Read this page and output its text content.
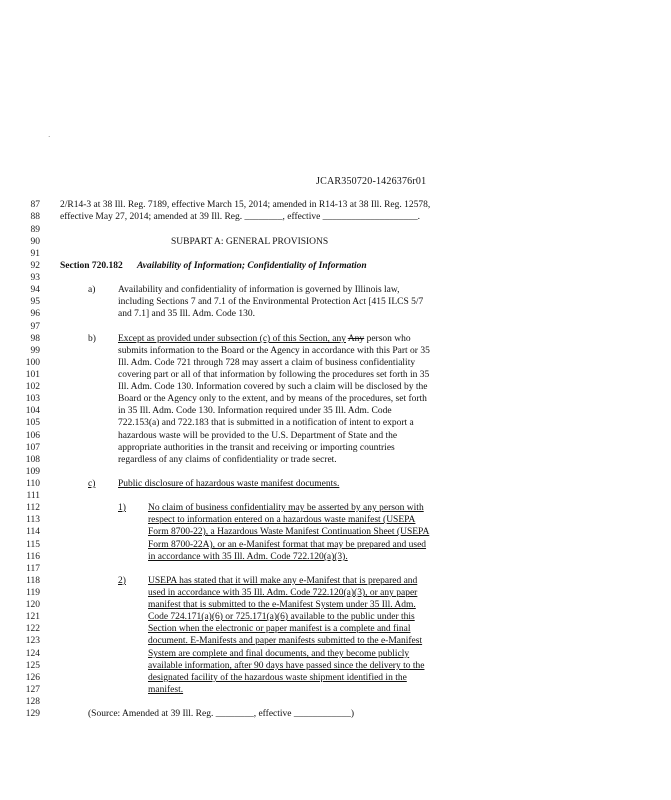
·
JCAR350720-1426376r01
87 2/R14-3 at 38 Ill. Reg. 7189, effective March 15, 2014; amended in R14-13 at 38 Ill. Reg. 12578,
88 effective May 27, 2014; amended at 39 Ill. Reg. ________, effective ____________________.
89
90	SUBPART A: GENERAL PROVISIONS
91
92 Section 720.182 Availability of Information; Confidentiality of Information
93
a)
94	Availability and confidentiality of information is governed by Illinois law,
95	including Sections 7 and 7.1 of the Environmental Protection Act [415 ILCS 5/7
96	and 7.1] and 35 Ill. Adm. Code 130.
97
b)
98	Except as provided under subsection (c) of this Section, any Any person who
99	submits information to the Board or the Agency in accordance with this Part or 35
100	Ill. Adm. Code 721 through 728 may assert a claim of business confidentiality
101	covering part or all of that information by following the procedures set forth in 35
102	Ill. Adm. Code 130. Information covered by such a claim will be disclosed by the
103	Board or the Agency only to the extent, and by means of the procedures, set forth
104	in 35 Ill. Adm. Code 130. Information required under 35 Ill. Adm. Code
105	722.153(a) and 722.183 that is submitted in a notification of intent to export a
106	hazardous waste will be provided to the U.S. Department of State and the
107	appropriate authorities in the transit and receiving or importing countries
108	regardless of any claims of confidentiality or trade secret.
109
110	c) Public disclosure of hazardous waste manifest documents.
111
1)
112	No claim of business confidentiality may be asserted by any person with
113	respect to information entered on a hazardous waste manifest (USEPA
114	Form 8700-22), a Hazardous Waste Manifest Continuation Sheet (USEPA
115	Form 8700-22A), or an e-Manifest format that may be prepared and used
116	in accordance with 35 Ill. Adm. Code 722.120(a)(3).
117
2)
118	USEPA has stated that it will make any e-Manifest that is prepared and
119	used in accordance with 35 Ill. Adm. Code 722.120(a)(3), or any paper
120	manifest that is submitted to the e-Manifest System under 35 Ill. Adm.
121	Code 724.171(a)(6) or 725.171(a)(6) available to the public under this
122	Section when the electronic or paper manifest is a complete and final
123	document. E-Manifests and paper manifests submitted to the e-Manifest
124	System are complete and final documents, and they become publicly
125	available information, after 90 days have passed since the delivery to the
126	designated facility of the hazardous waste shipment identified in the
127	manifest.
128
129	(Source: Amended at 39 Ill. Reg. ________, effective ____________)
